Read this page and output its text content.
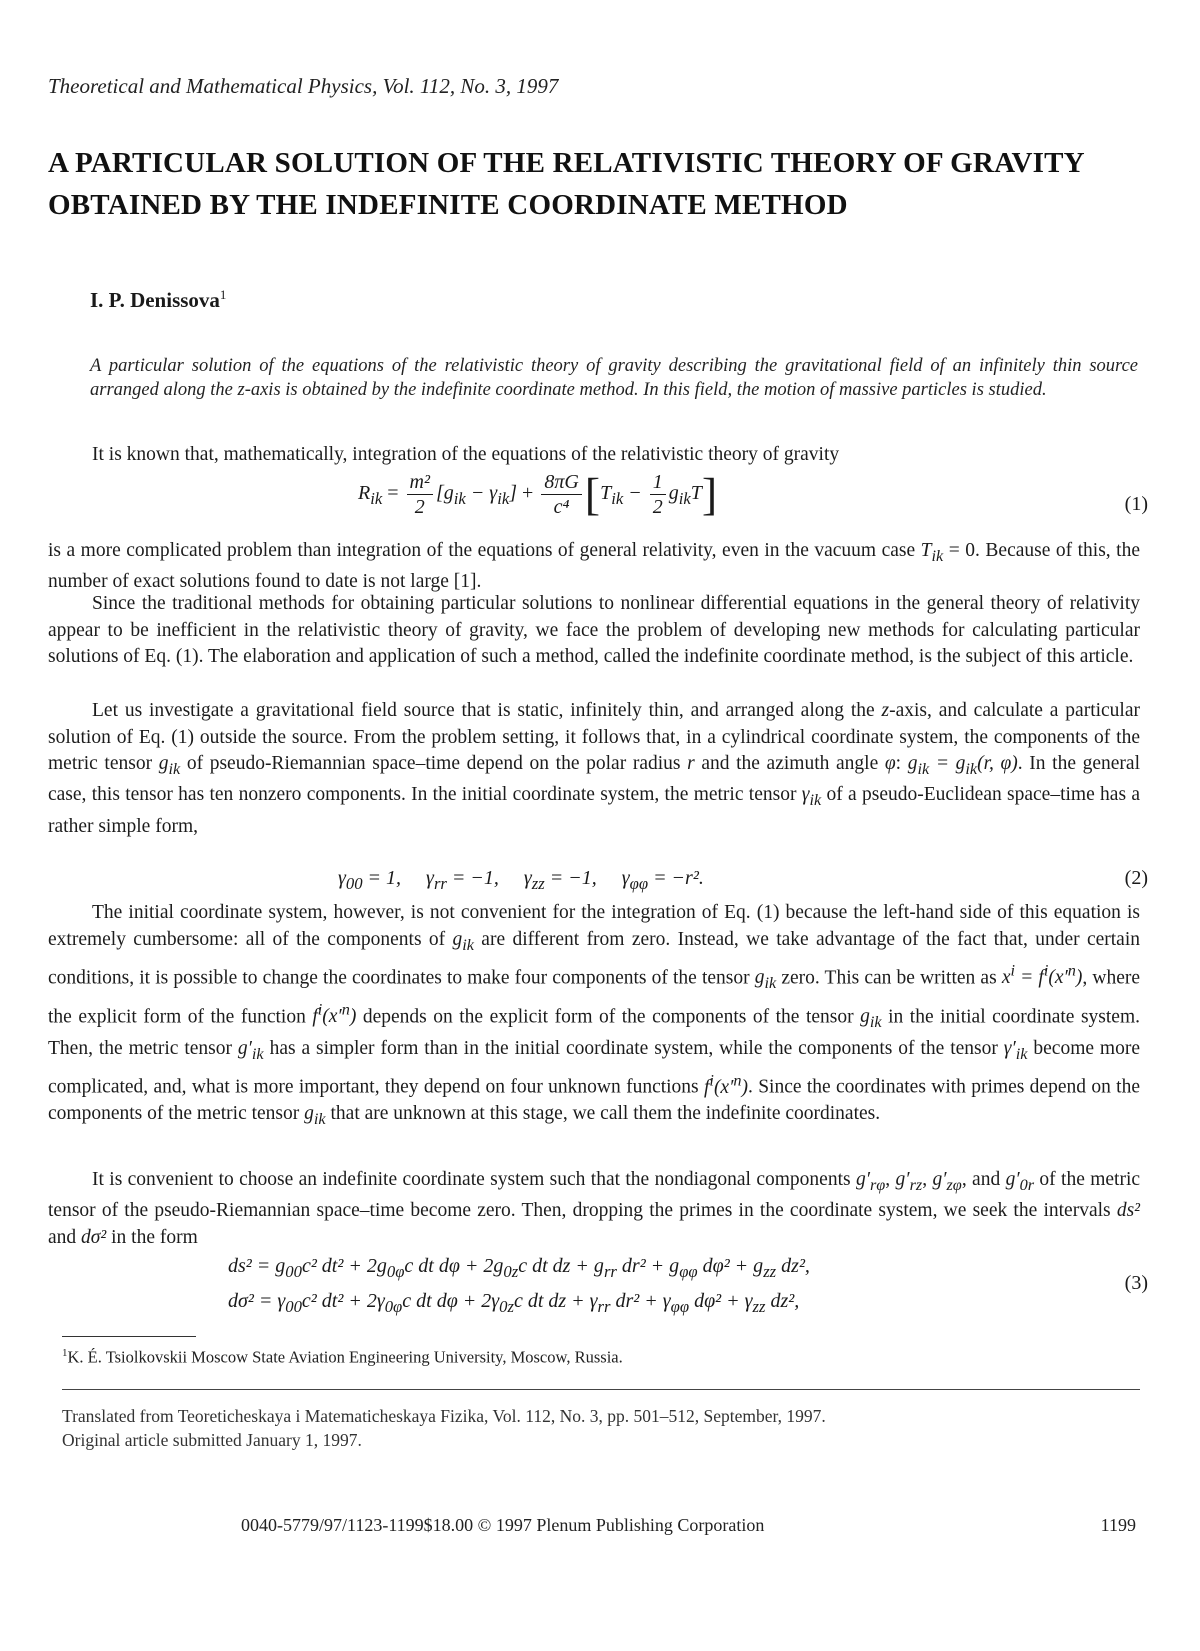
Theoretical and Mathematical Physics, Vol. 112, No. 3, 1997
A PARTICULAR SOLUTION OF THE RELATIVISTIC THEORY OF GRAVITY OBTAINED BY THE INDEFINITE COORDINATE METHOD
I. P. Denissova$^1$
A particular solution of the equations of the relativistic theory of gravity describing the gravitational field of an infinitely thin source arranged along the z-axis is obtained by the indefinite coordinate method. In this field, the motion of massive particles is studied.
It is known that, mathematically, integration of the equations of the relativistic theory of gravity
$R_{ik} = \frac{\text{m²}}{2} [g_{ik} - \gamma_{ik}] + \frac{8\pi G}{\text{c⁴}} [T_{ik} - \frac{1}{2} g_{ik}T]$	(1)
is a more complicated problem than integration of the equations of general relativity, even in the vacuum case $T_{ik} = 0$. Because of this, the number of exact solutions found to date is not large [1].
Since the traditional methods for obtaining particular solutions to nonlinear differential equations in the general theory of relativity appear to be inefficient in the relativistic theory of gravity, we face the problem of developing new methods for calculating particular solutions of Eq. (1). The elaboration and application of such a method, called the indefinite coordinate method, is the subject of this article.
Let us investigate a gravitational field source that is static, infinitely thin, and arranged along the z-axis, and calculate a particular solution of Eq. (1) outside the source. From the problem setting, it follows that, in a cylindrical coordinate system, the components of the metric tensor $g_{ik}$ of pseudo-Riemannian space–time depend on the polar radius r and the azimuth angle φ: $g_{ik} = g_{ik}(r$, φ). In the general case, this tensor has ten nonzero components. In the initial coordinate system, the metric tensor $\gamma_{ik}$ of a pseudo-Euclidean space–time has a rather simple form,
$\gamma_{00} = 1$,     $\gamma_{rr} = -1$,     $\gamma_{zz} = -1$,     $\gamma_{\varphi\varphi} = -r^2$.	(2)
The initial coordinate system, however, is not convenient for the integration of Eq. (1) because the left-hand side of this equation is extremely cumbersome: all of the components of $g_{ik}$ are different from zero. Instead, we take advantage of the fact that, under certain conditions, it is possible to change the coordinates to make four components of the tensor $g_{ik}$ zero. This can be written as $x^i = f^i(x'^n)$, where the explicit form of the function $f^i(x'^n)$ depends on the explicit form of the components of the tensor $g_{ik}$ in the initial coordinate system. Then, the metric tensor $g'_{ik}$ has a simpler form than in the initial coordinate system, while the components of the tensor $\gamma'_{ik}$ become more complicated, and, what is more important, they depend on four unknown functions $f^i(x'^n)$. Since the coordinates with primes depend on the components of the metric tensor $g_{ik}$ that are unknown at this stage, we call them the indefinite coordinates.
It is convenient to choose an indefinite coordinate system such that the nondiagonal components $g'_{r\varphi}$, $g'_{rz}$, $g'_{z\varphi}$, and $g'_{0r}$ of the metric tensor of the pseudo-Riemannian space–time become zero. Then, dropping the primes in the coordinate system, we seek the intervals ds² and dσ² in the form
$ds^2 = g_{00}c^2$ $dt^2 + 2g_{0\varphi}c$ dt $d\varphi + 2g_{0z}c$ dt dz + $g_{rr}$ $dr^2 + g_{\varphi\varphi}$ $d\varphi^2 + g_{zz}$ dz²,
$d\sigma^2 = \gamma_{00}c^2$ $dt^2 + 2\gamma_{0\varphi}c$ dt $d\varphi + 2\gamma_{0z}c$ dt dz + $\gamma_{rr}$ $dr^2 + \gamma_{\varphi\varphi}$ $d\varphi^2 + \gamma_{zz}$ dz²,
(3)
$^1$K. É. Tsiolkovskii Moscow State Aviation Engineering University, Moscow, Russia.
Translated from Teoreticheskaya i Matematicheskaya Fizika, Vol. 112, No. 3, pp. 501–512, September, 1997.
Original article submitted January 1, 1997.
0040-5779/97/1123-1199$18.00 © 1997 Plenum Publishing Corporation	1199
